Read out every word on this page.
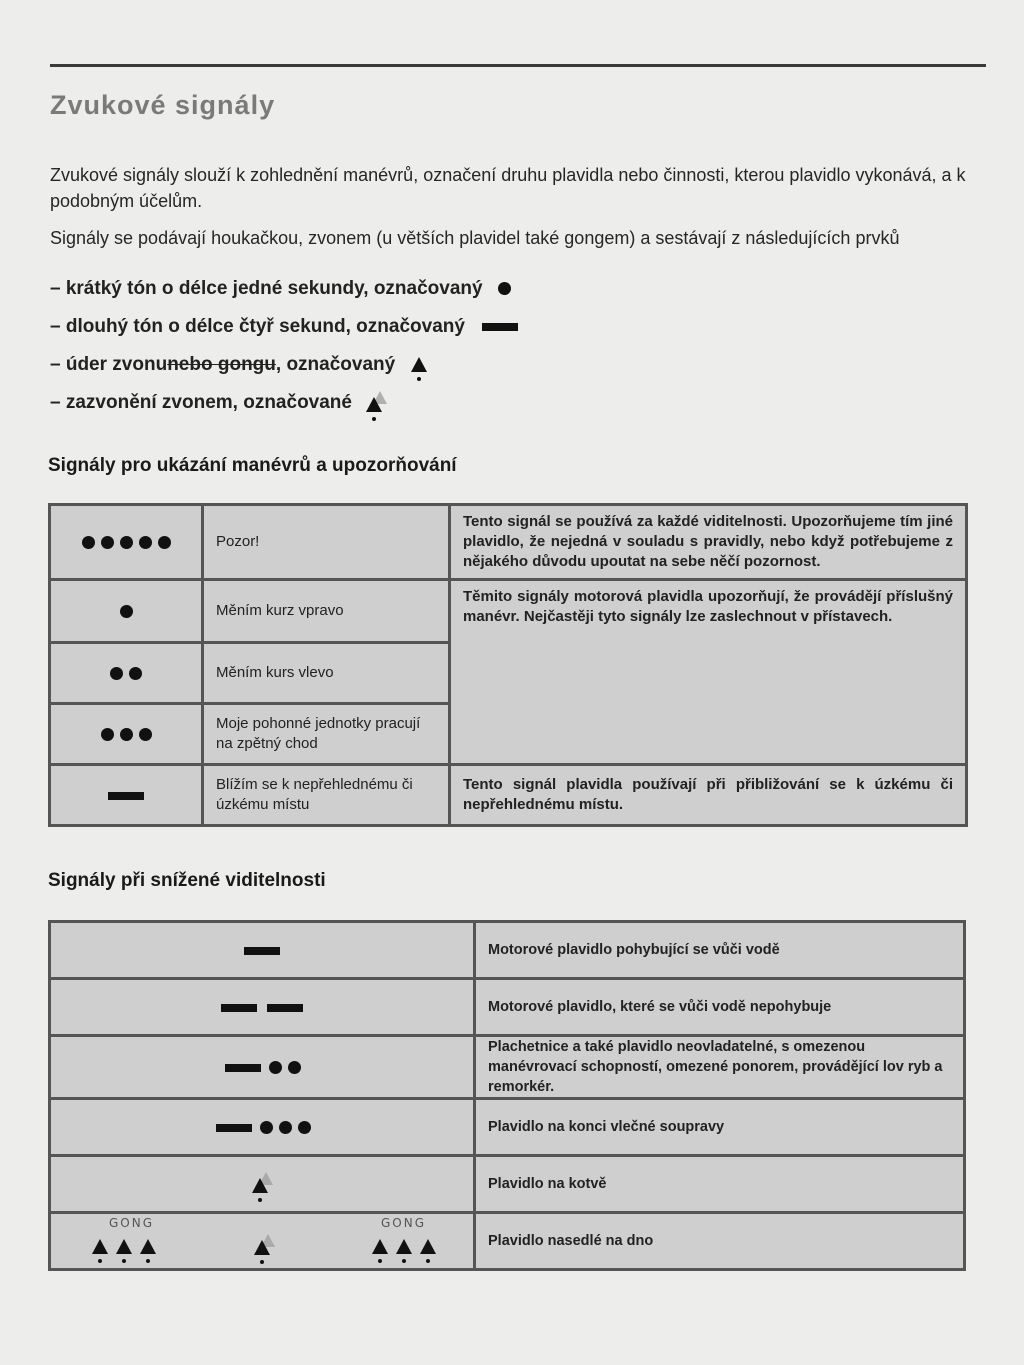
Zvukové signály
Zvukové signály slouží k zohlednění manévrů, označení druhu plavidla nebo činnosti, kterou plavidlo vykonává, a k podobným účelům.
Signály se podávají houkačkou, zvonem (u větších plavidel také gongem) a sestávají z následujících prvků
– krátký tón o délce jedné sekundy, označovaný
– dlouhý tón o délce čtyř sekund, označovaný
– úder zvonu nebo gongu , označovaný
– zazvonění zvonem, označované
Signály pro ukázání manévrů a upozorňování
	Pozor!	Tento signál se používá za každé viditelnosti. Upozorňujeme tím jiné plavidlo, že nejedná v souladu s pravidly, nebo když potřebujeme z nějakého důvodu upoutat na sebe něčí pozornost.
	Měním kurz vpravo	Těmito signály motorová plavidla upozorňují, že provádějí příslušný manévr. Nejčastěji tyto signály lze zaslechnout v přístavech.
	Měním kurs vlevo	
	Moje pohonné jednotky pracují na zpětný chod	
	Blížím se k nepřehlednému či úzkému místu	Tento signál plavidla používají při přibližování se k úzkému či nepřehlednému místu.
Signály při snížené viditelnosti
	Motorové plavidlo pohybující se vůči vodě
	Motorové plavidlo, které se vůči vodě nepohybuje
	Plachetnice a také plavidlo neovladatelné, s omezenou manévrovací schopností, omezené ponorem, provádějící lov ryb a remorkér.
	Plavidlo na konci vlečné soupravy

	Plavidlo na kotvě

GONG GONG	Plavidlo nasedlé na dno
